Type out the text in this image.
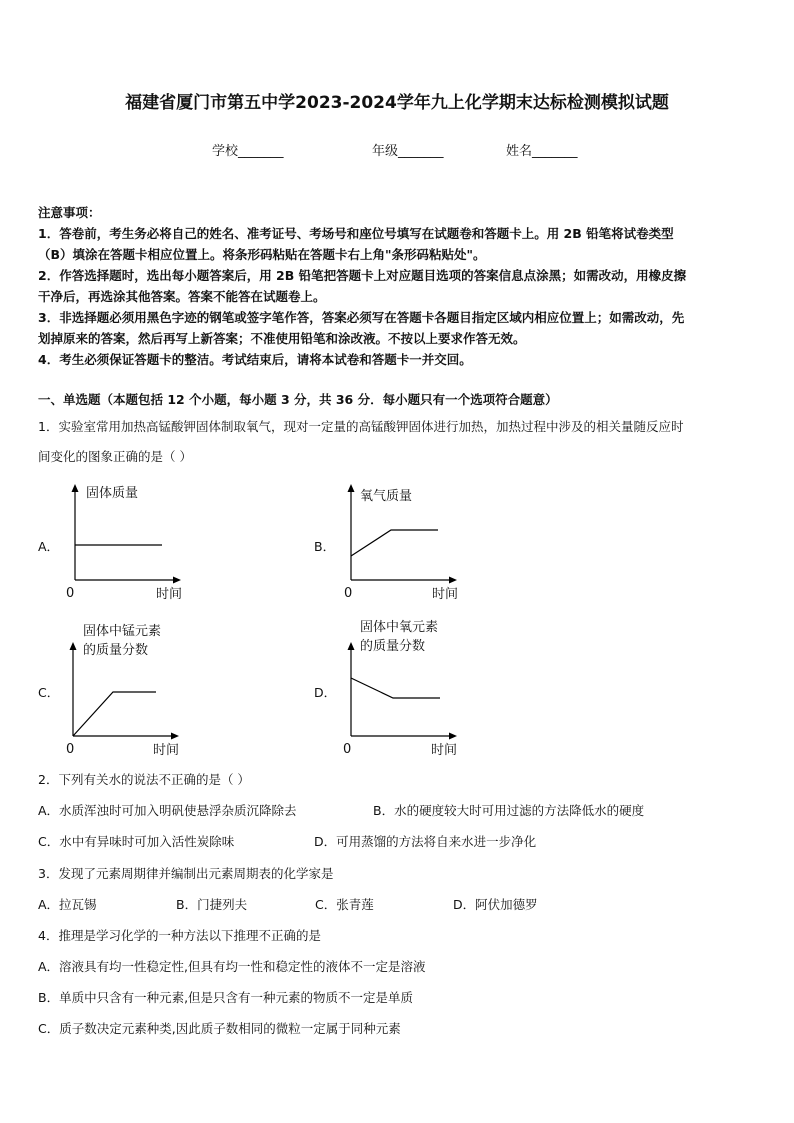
福建省厦门市第五中学2023-2024学年九上化学期末达标检测模拟试题
学校_______	年级_______	姓名_______
注意事项：
1．答卷前，考生务必将自己的姓名、准考证号、考场号和座位号填写在试题卷和答题卡上。用 2B 铅笔将试卷类型
（B）填涂在答题卡相应位置上。将条形码粘贴在答题卡右上角"条形码粘贴处"。
2．作答选择题时，选出每小题答案后，用 2B 铅笔把答题卡上对应题目选项的答案信息点涂黑；如需改动，用橡皮擦
干净后，再选涂其他答案。答案不能答在试题卷上。
3．非选择题必须用黑色字迹的钢笔或签字笔作答，答案必须写在答题卡各题目指定区域内相应位置上；如需改动，先
划掉原来的答案，然后再写上新答案；不准使用铅笔和涂改液。不按以上要求作答无效。
4．考生必须保证答题卡的整洁。考试结束后，请将本试卷和答题卡一并交回。
一、单选题（本题包括 12 个小题，每小题 3 分，共 36 分．每小题只有一个选项符合题意）
1．实验室常用加热高锰酸钾固体制取氧气，现对一定量的高锰酸钾固体进行加热，加热过程中涉及的相关量随反应时
间变化的图象正确的是（ ）
A．
固体质量
0	时间
B．
氧气质量
0	时间
C．
固体中锰元素
的质量分数
0	时间
D．
固体中氧元素
的质量分数
0	时间
2．下列有关水的说法不正确的是（ ）
A．水质浑浊时可加入明矾使悬浮杂质沉降除去	B．水的硬度较大时可用过滤的方法降低水的硬度
C．水中有异味时可加入活性炭除味	D．可用蒸馏的方法将自来水进一步净化
3．发现了元素周期律并编制出元素周期表的化学家是
A．拉瓦锡	B．门捷列夫	C．张青莲	D．阿伏加德罗
4．推理是学习化学的一种方法以下推理不正确的是
A．溶液具有均一性稳定性,但具有均一性和稳定性的液体不一定是溶液
B．单质中只含有一种元素,但是只含有一种元素的物质不一定是单质
C．质子数决定元素种类,因此质子数相同的微粒一定属于同种元素
